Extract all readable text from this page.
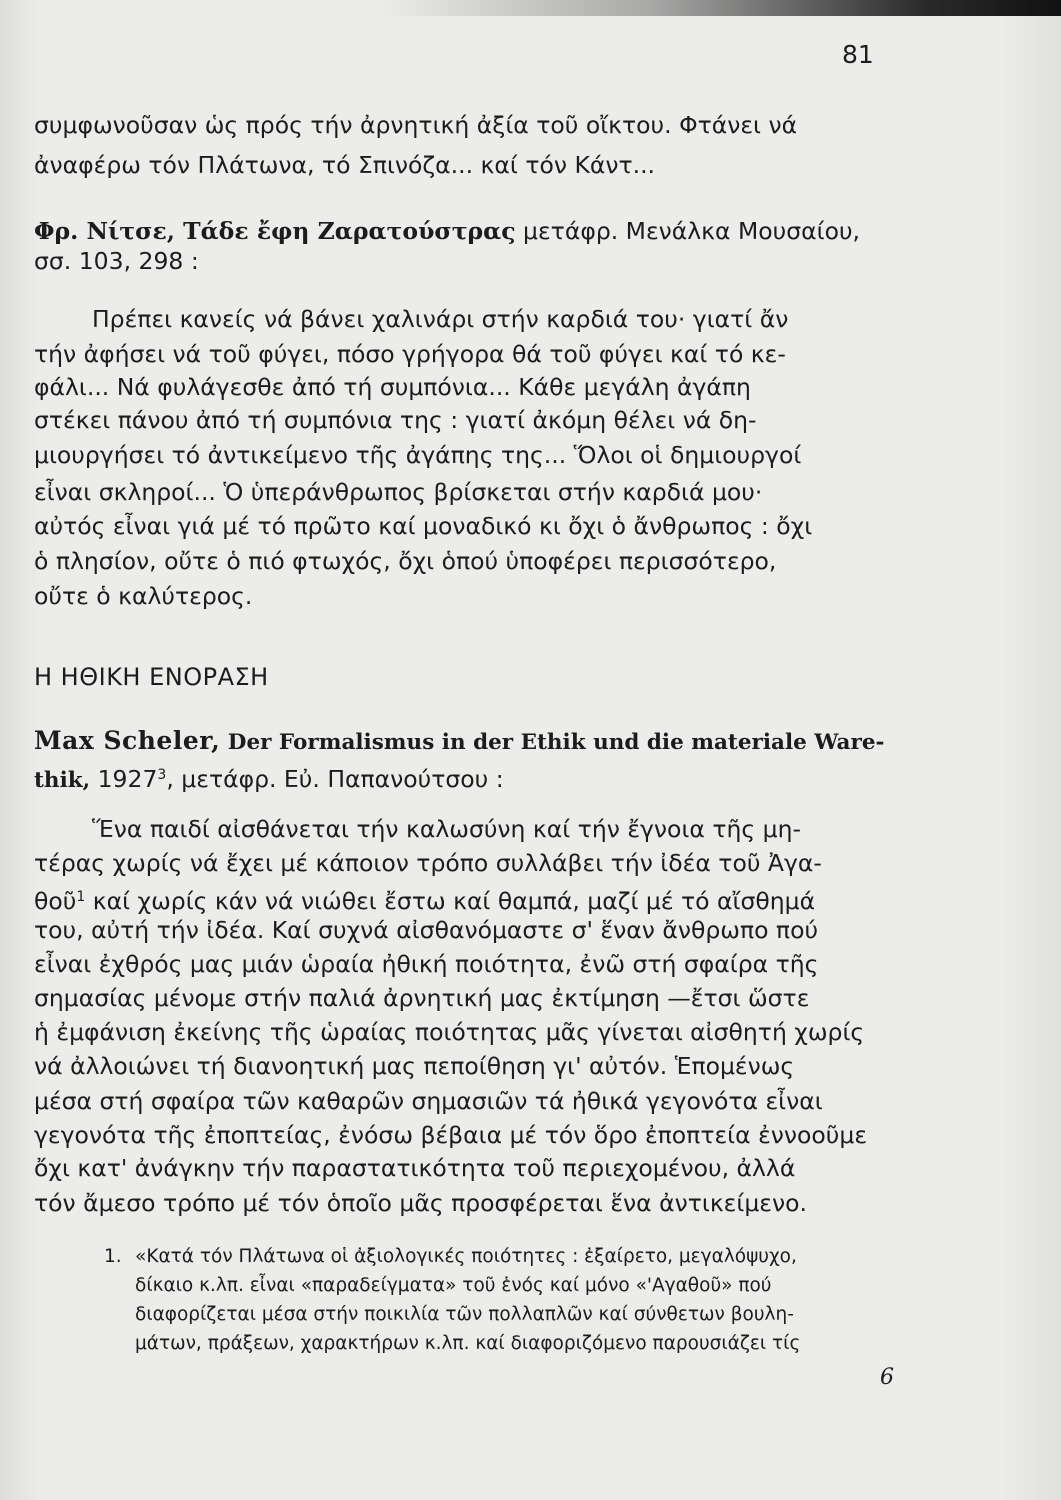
81
συμφωνοῦσαν ὡς πρός τήν ἀρνητική ἀξία τοῦ οἴκτου. Φτάνει νά
ἀναφέρω τόν Πλάτωνα, τό Σπινόζα... καί τόν Κάντ...
Φρ. Νίτσε, Τάδε ἔφη Ζαρατούστρας μετάφρ. Μενάλκα Μουσαίου,
σσ. 103, 298 :
Πρέπει κανείς νά βάνει χαλινάρι στήν καρδιά του· γιατί ἄν
τήν ἀφήσει νά τοῦ φύγει, πόσο γρήγορα θά τοῦ φύγει καί τό κε-
φάλι... Νά φυλάγεσθε ἀπό τή συμπόνια... Κάθε μεγάλη ἀγάπη
στέκει πάνου ἀπό τή συμπόνια της : γιατί ἀκόμη θέλει νά δη-
μιουργήσει τό ἀντικείμενο τῆς ἀγάπης της... Ὅλοι οἱ δημιουργοί
εἶναι σκληροί... Ὁ ὑπεράνθρωπος βρίσκεται στήν καρδιά μου·
αὐτός εἶναι γιά μέ τό πρῶτο καί μοναδικό κι ὄχι ὁ ἄνθρωπος : ὄχι
ὁ πλησίον, οὔτε ὁ πιό φτωχός, ὄχι ὁπού ὑποφέρει περισσότερο,
οὔτε ὁ καλύτερος.
Η ΗΘΙΚΗ ΕΝΟΡΑΣΗ
Max Scheler, Der Formalismus in der Ethik und die materiale Ware-
thik, 1927$^3$, μετάφρ. Εὐ. Παπανούτσου :
Ἕνα παιδί αἰσθάνεται τήν καλωσύνη καί τήν ἔγνοια τῆς μη-
τέρας χωρίς νά ἔχει μέ κάποιον τρόπο συλλάβει τήν ἰδέα τοῦ Ἀγα-
θοῦ$^1$ καί χωρίς κάν νά νιώθει ἔστω καί θαμπά, μαζί μέ τό αἴσθημά
του, αὐτή τήν ἰδέα. Καί συχνά αἰσθανόμαστε σ' ἕναν ἄνθρωπο πού
εἶναι ἐχθρός μας μιάν ὡραία ἠθική ποιότητα, ἐνῶ στή σφαίρα τῆς
σημασίας μένομε στήν παλιά ἀρνητική μας ἐκτίμηση —ἔτσι ὥστε
ἡ ἐμφάνιση ἐκείνης τῆς ὡραίας ποιότητας μᾶς γίνεται αἰσθητή χωρίς
νά ἀλλοιώνει τή διανοητική μας πεποίθηση γι' αὐτόν. Ἑπομένως
μέσα στή σφαίρα τῶν καθαρῶν σημασιῶν τά ἠθικά γεγονότα εἶναι
γεγονότα τῆς ἐποπτείας, ἐνόσω βέβαια μέ τόν ὅρο ἐποπτεία ἐννοοῦμε
ὄχι κατ' ἀνάγκην τήν παραστατικότητα τοῦ περιεχομένου, ἀλλά
τόν ἄμεσο τρόπο μέ τόν ὁποῖο μᾶς προσφέρεται ἕνα ἀντικείμενο.
1. «Κατά τόν Πλάτωνα οἱ ἀξιολογικές ποιότητες : ἐξαίρετο, μεγαλόψυχο,
δίκαιο κ.λπ. εἶναι «παραδείγματα» τοῦ ἑνός καί μόνο «'Αγαθοῦ» πού
διαφορίζεται μέσα στήν ποικιλία τῶν πολλαπλῶν καί σύνθετων βουλη-
μάτων, πράξεων, χαρακτήρων κ.λπ. καί διαφοριζόμενο παρουσιάζει τίς
6
